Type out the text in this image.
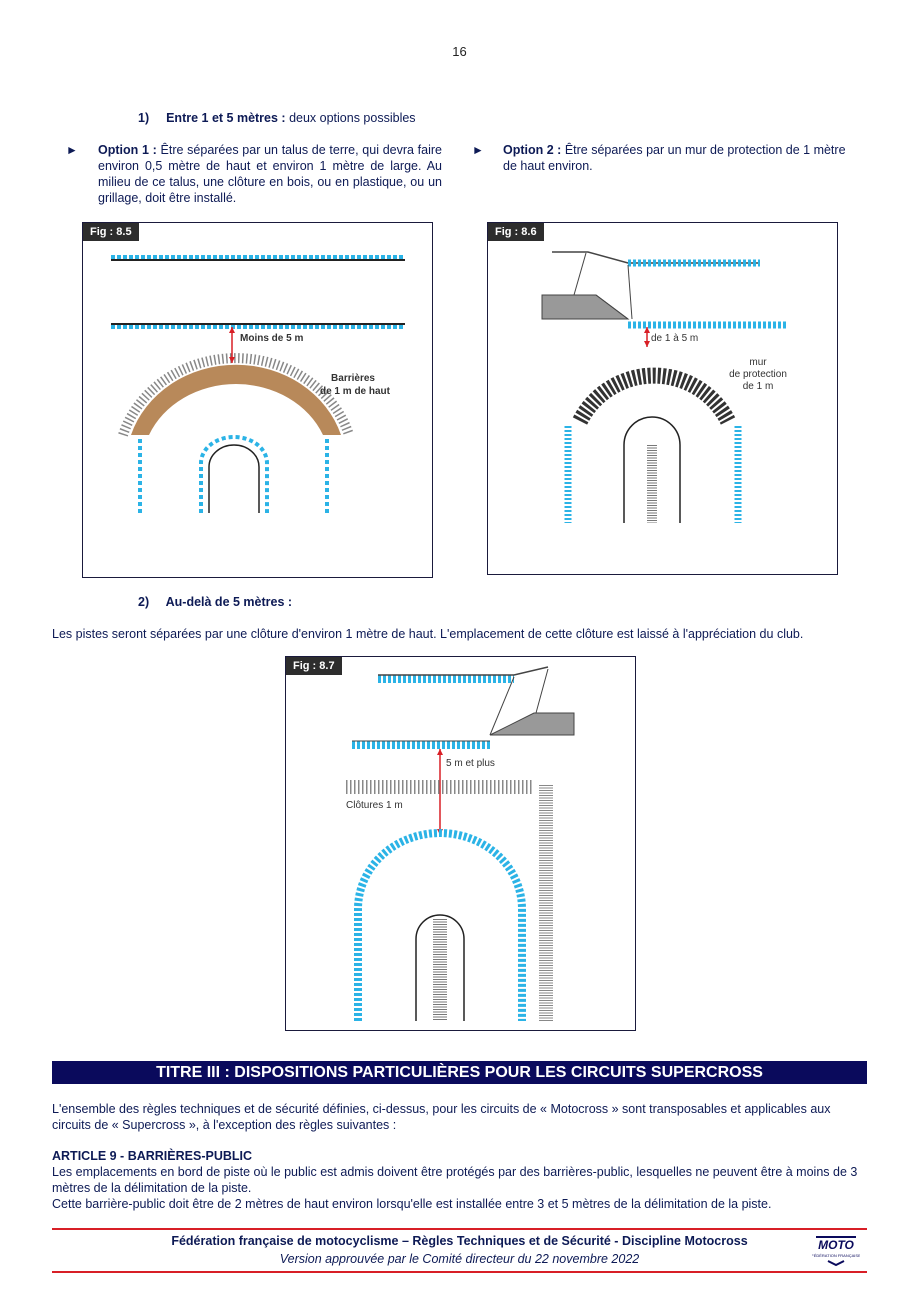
16
1) Entre 1 et 5 mètres : deux options possibles
► Option 1 : Être séparées par un talus de terre, qui devra faire environ 0,5 mètre de haut et environ 1 mètre de large. Au milieu de ce talus, une clôture en bois, ou en plastique, ou un grillage, doit être installé.
► Option 2 : Être séparées par un mur de protection de 1 mètre de haut environ.
Fig : 8.5
Moins de 5 m
Barrières
de 1 m de haut
Fig : 8.6
de 1 à 5 m
mur
de protection
de 1 m
2) Au-delà de 5 mètres :
Les pistes seront séparées par une clôture d'environ 1 mètre de haut. L'emplacement de cette clôture est laissé à l'appréciation du club.
Fig : 8.7
5 m et plus
Clôtures 1 m
TITRE III : DISPOSITIONS PARTICULIÈRES POUR LES CIRCUITS SUPERCROSS
L'ensemble des règles techniques et de sécurité définies, ci-dessus, pour les circuits de « Motocross » sont transposables et applicables aux circuits de « Supercross », à l'exception des règles suivantes :
ARTICLE 9 - BARRIÈRES-PUBLIC
Les emplacements en bord de piste où le public est admis doivent être protégés par des barrières-public, lesquelles ne peuvent être à moins de 3 mètres de la délimitation de la piste.
Cette barrière-public doit être de 2 mètres de haut environ lorsqu'elle est installée entre 3 et 5 mètres de la délimitation de la piste.
Fédération française de motocyclisme – Règles Techniques et de Sécurité - Discipline Motocross
Version approuvée par le Comité directeur du 22 novembre 2022
MOTO
FÉDÉRATION FRANÇAISE
